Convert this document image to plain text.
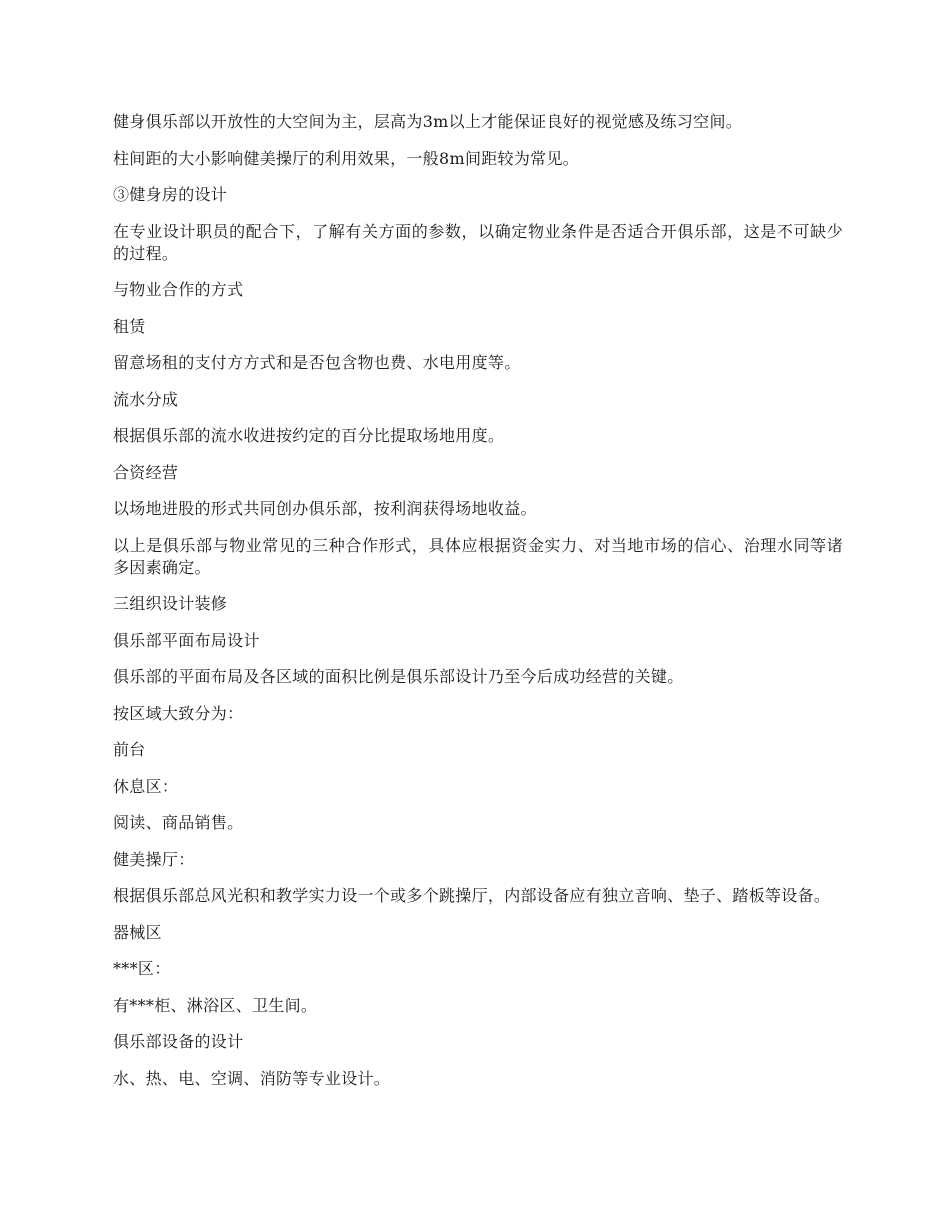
健身俱乐部以开放性的大空间为主，层高为3m以上才能保证良好的视觉感及练习空间。

柱间距的大小影响健美操厅的利用效果，一般8m间距较为常见。

③健身房的设计

在专业设计职员的配合下，了解有关方面的参数，以确定物业条件是否适合开俱乐部，这是不可缺少的过程。

与物业合作的方式

租赁

留意场租的支付方方式和是否包含物也费、水电用度等。

流水分成

根据俱乐部的流水收进按约定的百分比提取场地用度。

合资经营

以场地进股的形式共同创办俱乐部，按利润获得场地收益。

以上是俱乐部与物业常见的三种合作形式，具体应根据资金实力、对当地市场的信心、治理水同等诸多因素确定。

三组织设计装修

俱乐部平面布局设计

俱乐部的平面布局及各区域的面积比例是俱乐部设计乃至今后成功经营的关键。

按区域大致分为：

前台

休息区：

阅读、商品销售。

健美操厅：

根据俱乐部总风光积和教学实力设一个或多个跳操厅，内部设备应有独立音响、垫子、踏板等设备。

器械区

***区：

有***柜、淋浴区、卫生间。

俱乐部设备的设计

水、热、电、空调、消防等专业设计。
